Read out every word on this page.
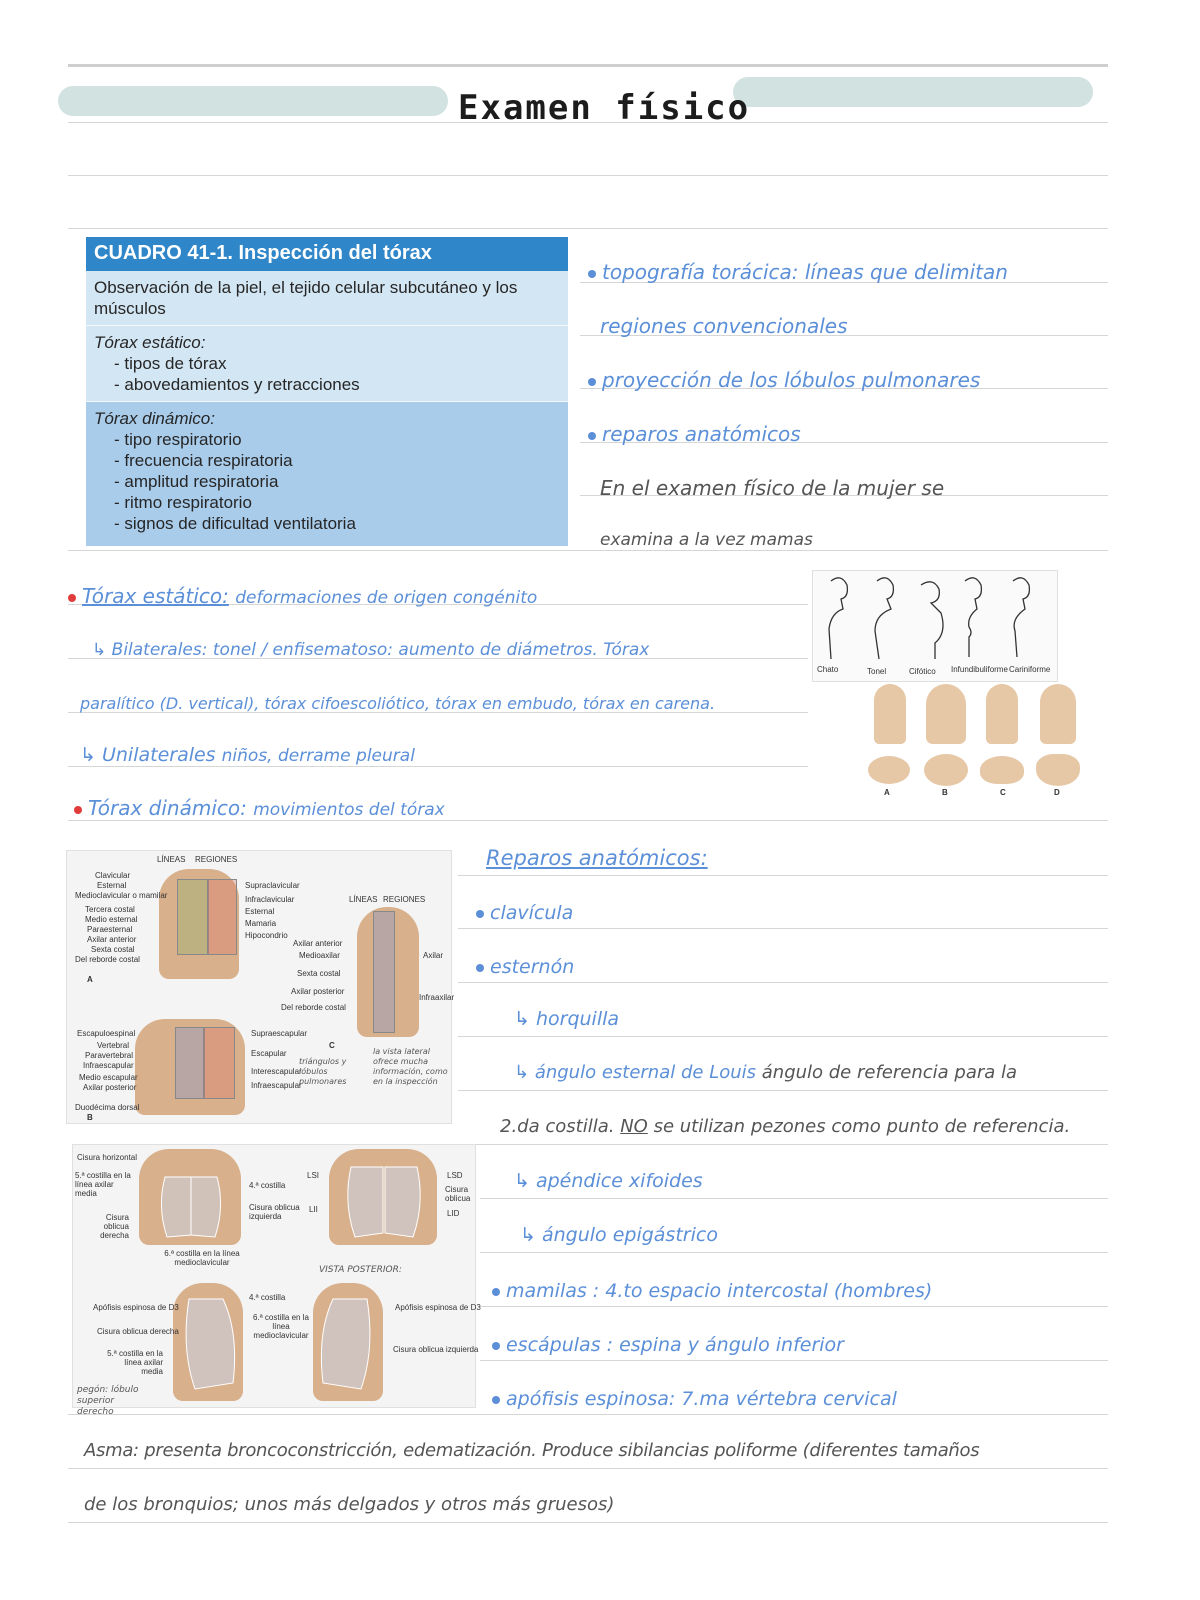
Examen físico
CUADRO 41-1. Inspección del tórax
Observación de la piel, el tejido celular subcutáneo y los músculos
Tórax estático:
- tipos de tórax
- abovedamientos y retracciones
Tórax dinámico:
- tipo respiratorio
- frecuencia respiratoria
- amplitud respiratoria
- ritmo respiratorio
- signos de dificultad ventilatoria
topografía torácica: líneas que delimitan
regiones convencionales
proyección de los lóbulos pulmonares
reparos anatómicos
En el examen físico de la mujer se
examina a la vez mamas
Tórax estático: deformaciones de origen congénito
↳ Bilaterales: tonel / enfisematoso: aumento de diámetros. Tórax
paralítico (D. vertical), tórax cifoescoliótico, tórax en embudo, tórax en carena.
↳ Unilaterales niños, derrame pleural
Tórax dinámico: movimientos del tórax
Chato	Tonel	Cifótico Infundibuliforme Cariniforme
A	B	C	D
LÍNEAS REGIONES
Clavicular
Esternal
Medioclavicular o mamilar
Tercera costal
Medio esternal
Paraesternal
Axilar anterior
Sexta costal
Del reborde costal
Supraclavicular
Infraclavicular
Esternal
Mamaria
Hipocondrio
A
LÍNEAS REGIONES
Axilar anterior
Medioaxilar
Sexta costal
Axilar posterior
Del reborde costal
Axilar
Infraaxilar
C
Escapuloespinal
Vertebral
Paravertebral
Infraescapular
Medio escapular
Axilar posterior
Duodécima dorsal
Supraescapular
Escapular
Interescapular
Infraescapular
B
triángulos y lóbulos pulmonares
la vista lateral ofrece mucha información, como en la inspección
Cisura horizontal
5.ª costilla en la línea axilar media
Cisura oblicua derecha
4.ª costilla
Cisura oblicua izquierda
6.ª costilla en la línea medioclavicular
LSI
LII
LSD
Cisura oblicua
LID
VISTA POSTERIOR:
Apófisis espinosa de D3
Cisura oblicua derecha
5.ª costilla en la línea axilar media
4.ª costilla
6.ª costilla en la línea medioclavicular
Apófisis espinosa de D3
Cisura oblicua izquierda
pegón: lóbulo superior derecho
Reparos anatómicos:
clavícula
esternón
↳ horquilla
↳ ángulo esternal de Louis ángulo de referencia para la
2.da costilla. NO se utilizan pezones como punto de referencia.
↳ apéndice xifoides
↳ ángulo epigástrico
mamilas : 4.to espacio intercostal (hombres)
escápulas : espina y ángulo inferior
apófisis espinosa: 7.ma vértebra cervical
Asma: presenta broncoconstricción, edematización. Produce sibilancias poliforme (diferentes tamaños
de los bronquios; unos más delgados y otros más gruesos)
